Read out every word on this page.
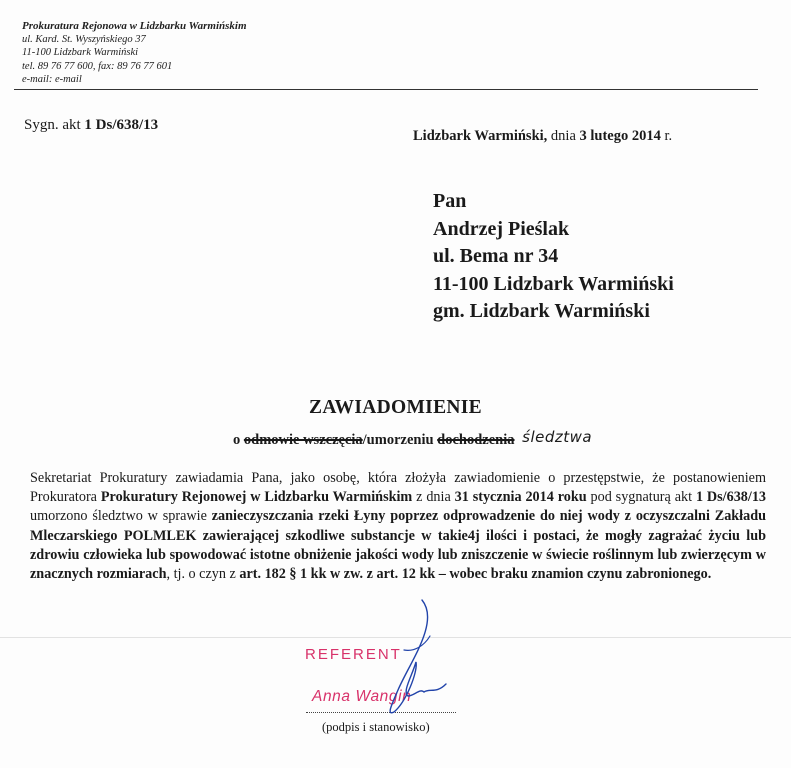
Prokuratura Rejonowa w Lidzbarku Warmińskim
ul. Kard. St. Wyszyńskiego 37
11-100 Lidzbark Warmiński
tel. 89 76 77 600, fax: 89 76 77 601
e-mail: e-mail
Sygn. akt 1 Ds/638/13
Lidzbark Warmiński, dnia 3 lutego 2014 r.
Pan
Andrzej Pieślak
ul. Bema nr 34
11-100 Lidzbark Warmiński
gm. Lidzbark Warmiński
ZAWIADOMIENIE
o odmowie wszczęcia/umorzeniu dochodzenia śledztwa
Sekretariat Prokuratury zawiadamia Pana, jako osobę, która złożyła zawiadomienie o przestępstwie, że postanowieniem Prokuratora Prokuratury Rejonowej w Lidzbarku Warmińskim z dnia 31 stycznia 2014 roku pod sygnaturą akt 1 Ds/638/13 umorzono śledztwo w sprawie zanieczyszczania rzeki Łyny poprzez odprowadzenie do niej wody z oczyszczalni Zakładu Mleczarskiego POLMLEK zawierającej szkodliwe substancje w takie4j ilości i postaci, że mogły zagrażać życiu lub zdrowiu człowieka lub spowodować istotne obniżenie jakości wody lub zniszczenie w świecie roślinnym lub zwierzęcym w znacznych rozmiarach, tj. o czyn z art. 182 § 1 kk w zw. z art. 12 kk – wobec braku znamion czynu zabronionego.
REFERENT
Anna Wangin
(podpis i stanowisko)
